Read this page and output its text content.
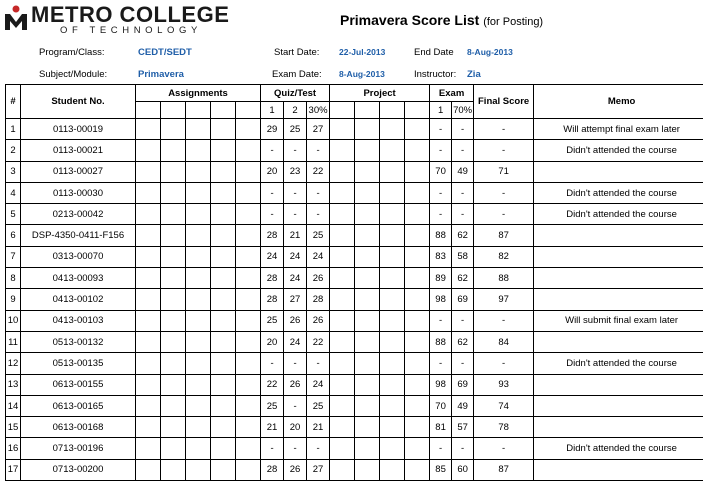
METRO COLLEGE
OF TECHNOLOGY
Primavera Score List (for Posting)
Program/Class:	CEDT/SEDT
Subject/Module:	Primavera
Start Date: 22-Jul-2013
Exam Date: 8-Aug-2013
End Date 8-Aug-2013
Instructor: Zia
#	Student No.	Assignments					Quiz/Test			Project				Exam		Final Score	Memo
							1	2	30%					1	70%		
1	0113-00019						29	25	27					-	-	-	Will attempt final exam later
2	0113-00021						-	-	-					-	-	-	Didn't attended the course
3	0113-00027						20	23	22					70	49	71	
4	0113-00030						-	-	-					-	-	-	Didn't attended the course
5	0213-00042						-	-	-					-	-	-	Didn't attended the course
6	DSP-4350-0411-F156						28	21	25					88	62	87	
7	0313-00070						24	24	24					83	58	82	
8	0413-00093						28	24	26					89	62	88	
9	0413-00102						28	27	28					98	69	97	
10	0413-00103						25	26	26					-	-	-	Will submit final exam later
11	0513-00132						20	24	22					88	62	84	
12	0513-00135						-	-	-					-	-	-	Didn't attended the course
13	0613-00155						22	26	24					98	69	93	
14	0613-00165						25	-	25					70	49	74	
15	0613-00168						21	20	21					81	57	78	
16	0713-00196						-	-	-					-	-	-	Didn't attended the course
17	0713-00200						28	26	27					85	60	87	
